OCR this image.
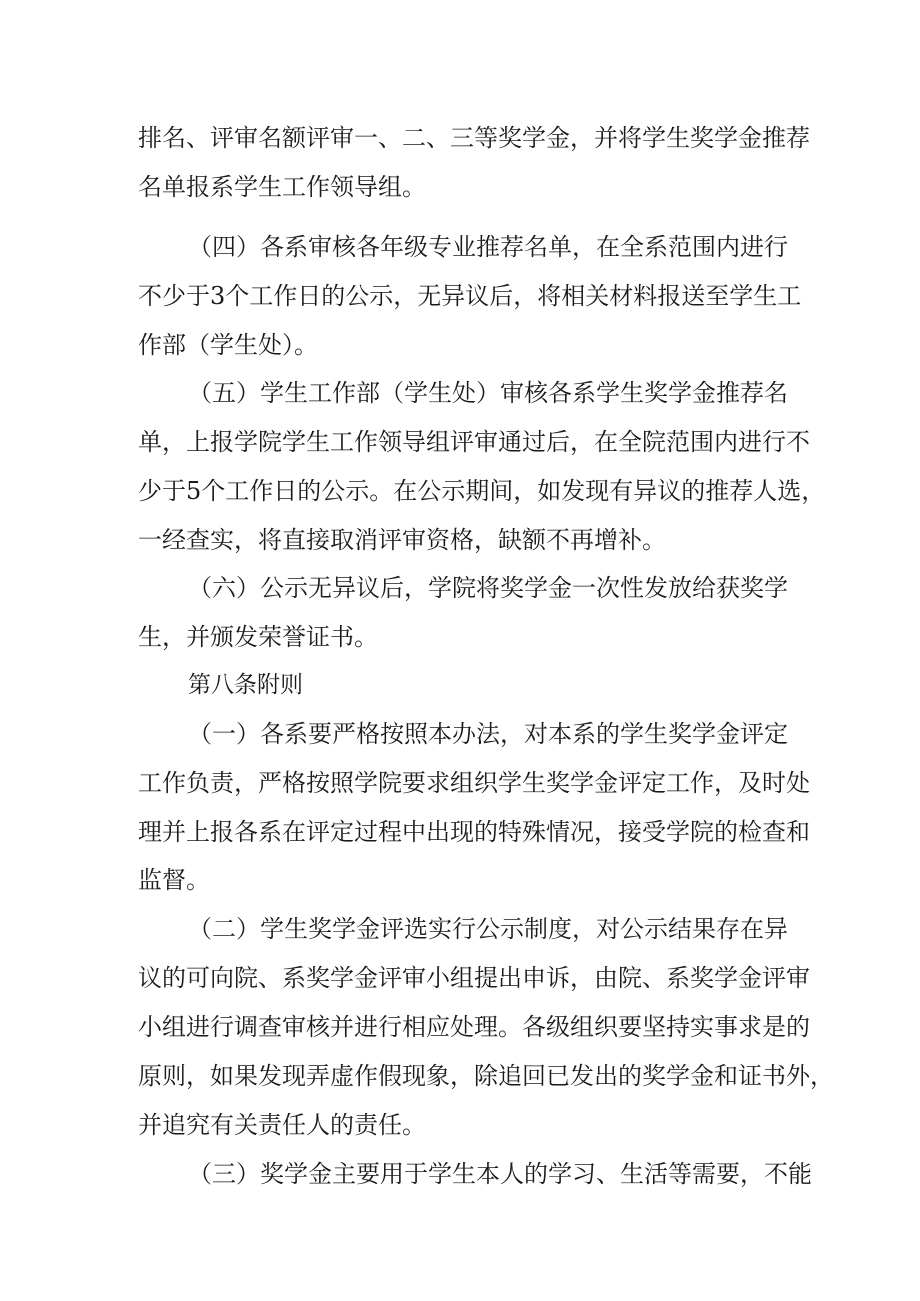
排名、评审名额评审一、二、三等奖学金，并将学生奖学金推荐
名单报系学生工作领导组。
（四）各系审核各年级专业推荐名单，在全系范围内进行
不少于3个工作日的公示，无异议后，将相关材料报送至学生工
作部（学生处）。
（五）学生工作部（学生处）审核各系学生奖学金推荐名
单，上报学院学生工作领导组评审通过后，在全院范围内进行不
少于5个工作日的公示。在公示期间，如发现有异议的推荐人选，
一经查实，将直接取消评审资格，缺额不再增补。
（六）公示无异议后，学院将奖学金一次性发放给获奖学
生，并颁发荣誉证书。
第八条附则
（一）各系要严格按照本办法，对本系的学生奖学金评定
工作负责，严格按照学院要求组织学生奖学金评定工作，及时处
理并上报各系在评定过程中出现的特殊情况，接受学院的检查和
监督。
（二）学生奖学金评选实行公示制度，对公示结果存在异
议的可向院、系奖学金评审小组提出申诉，由院、系奖学金评审
小组进行调查审核并进行相应处理。各级组织要坚持实事求是的
原则，如果发现弄虚作假现象，除追回已发出的奖学金和证书外，
并追究有关责任人的责任。
（三）奖学金主要用于学生本人的学习、生活等需要，不能
